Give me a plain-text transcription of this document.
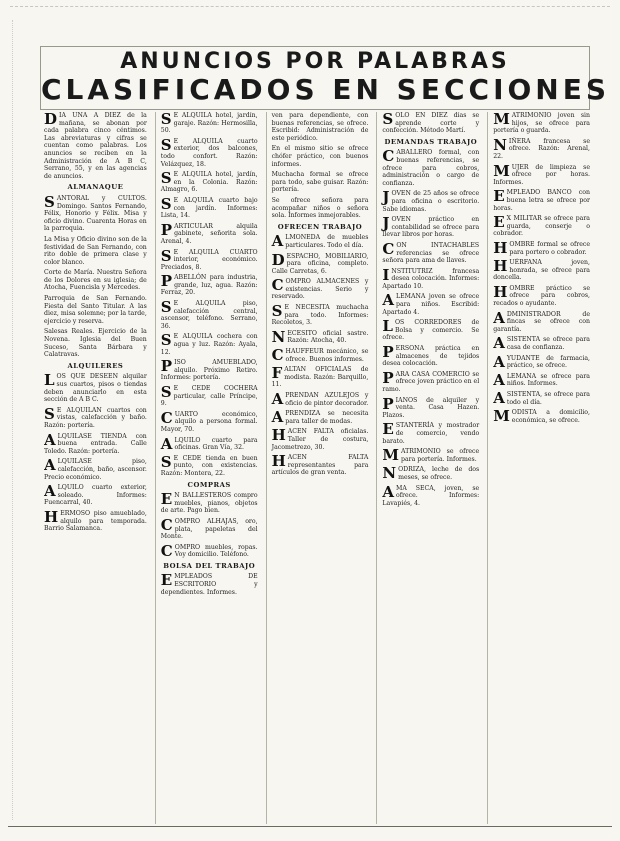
ANUNCIOS POR PALABRAS
CLASIFICADOS EN SECCIONES
DÍA UNA A DIEZ de la mañana, se abonan por cada palabra cinco céntimos. Las abreviaturas y cifras se cuentan como palabras. Los anuncios se reciben en la Administración de A B C, Serrano, 55, y en las agencias de anuncios.
ALMANAQUE
SANTORAL y CULTOS. Domingo. Santos Fernando, Félix, Honorio y Félix. Misa y oficio divino. Cuarenta Horas en la parroquia.
La Misa y Oficio divino son de la festividad de San Fernando, con rito doble de primera clase y color blanco.
Corte de María. Nuestra Señora de los Dolores en su iglesia; de Atocha, Fuencisla y Mercedes.
Parroquia de San Fernando. Fiesta del Santo Titular. A las diez, misa solemne; por la tarde, ejercicio y reserva.
Salesas Reales. Ejercicio de la Novena. Iglesia del Buen Suceso, Santa Bárbara y Calatravas.
ALQUILERES
LOS QUE DESEEN alquilar sus cuartos, pisos o tiendas deben anunciarlo en esta sección de A B C.
S E ALQUILAN cuartos con vistas, calefacción y baño. Razón: portería.
ALQUILASE TIENDA con buena entrada. Calle Toledo. Razón: portería.
ALQUILASE piso, calefacción, baño, ascensor. Precio económico.
ALQUILO cuarto exterior, soleado. Informes: Fuencarral, 40.
HERMOSO piso amueblado, alquilo para temporada. Barrio Salamanca.
S E ALQUILA hotel, jardín, garaje. Razón: Hermosilla, 50.
S E ALQUILA cuarto exterior, dos balcones, todo confort. Razón: Velázquez, 18.
S E ALQUILA hotel, jardín, en la Colonia. Razón: Almagro, 6.
S E ALQUILA cuarto bajo con jardín. Informes: Lista, 14.
PARTICULAR alquila gabinete, señorita sola. Arenal, 4.
S E ALQUILA CUARTO interior, económico. Preciados, 8.
PABELLÓN para industria, grande, luz, agua. Razón: Ferraz, 20.
S E ALQUILA piso, calefacción central, ascensor, teléfono. Serrano, 36.
S E ALQUILA cochera con agua y luz. Razón: Ayala, 12.
PISO AMUEBLADO, alquilo. Próximo Retiro. Informes: portería.
S E CEDE COCHERA particular, calle Príncipe, 9.
CUARTO económico, alquilo a persona formal. Mayor, 70.
ALQUILO cuarto para oficinas. Gran Vía, 32.
S E CEDE tienda en buen punto, con existencias. Razón: Montera, 22.
COMPRAS
E N BALLESTEROS compro muebles, pianos, objetos de arte. Pago bien.
COMPRO ALHAJAS, oro, plata, papeletas del Monte.
COMPRO muebles, ropas. Voy domicilio. Teléfono.
BOLSA DEL TRABAJO
EMPLEADOS DE ESCRITORIO y dependientes. Informes.
ven para dependiente, con buenas referencias, se ofrece. Escribid: Administración de este periódico.
En el mismo sitio se ofrece chófer práctico, con buenos informes.
Muchacha formal se ofrece para todo, sabe guisar. Razón: portería.
Se ofrece señora para acompañar niños o señora sola. Informes inmejorables.
OFRECEN TRABAJO
ALMONEDA de muebles particulares. Todo el día.
DESPACHO, MOBILIARIO, para oficina, completo. Calle Carretas, 6.
COMPRO ALMACENES y existencias. Serio y reservado.
S E NECESITA muchacha para todo. Informes: Recoletos, 3.
NECESITO oficial sastre. Razón: Atocha, 40.
CHAUFFEUR mecánico, se ofrece. Buenos informes.
FALTAN OFICIALAS de modista. Razón: Barquillo, 11.
APRENDAN AZULEJOS y oficio de pintor decorador.
APRENDIZA se necesita para taller de modas.
HACEN FALTA oficialas. Taller de costura, Jacometrezo, 30.
HACEN FALTA representantes para artículos de gran venta.
SÓLO EN DIEZ días se aprende corte y confección. Método Martí.
DEMANDAS TRABAJO
CABALLERO formal, con buenas referencias, se ofrece para cobros, administración o cargo de confianza.
JOVEN de 25 años se ofrece para oficina o escritorio. Sabe idiomas.
JOVEN práctico en contabilidad se ofrece para llevar libros por horas.
CON INTACHABLES referencias se ofrece señora para ama de llaves.
INSTITUTRIZ francesa desea colocación. Informes: Apartado 10.
ALEMANA joven se ofrece para niños. Escribid: Apartado 4.
LOS CORREDORES de Bolsa y comercio. Se ofrece.
PERSONA práctica en almacenes de tejidos desea colocación.
PARA CASA COMERCIO se ofrece joven práctico en el ramo.
PIANOS de alquiler y venta. Casa Hazen. Plazos.
ESTANTERÍA y mostrador de comercio, vendo barato.
MATRIMONIO se ofrece para portería. Informes.
NODRIZA, leche de dos meses, se ofrece.
AMA SECA, joven, se ofrece. Informes: Lavapiés, 4.
MATRIMONIO joven sin hijos, se ofrece para portería o guarda.
NIÑERA francesa se ofrece. Razón: Arenal, 22.
MUJER de limpieza se ofrece por horas. Informes.
EMPLEADO BANCO con buena letra se ofrece por horas.
E X MILITAR se ofrece para guarda, conserje o cobrador.
HOMBRE formal se ofrece para portero o cobrador.
HUÉRFANA joven, honrada, se ofrece para doncella.
HOMBRE práctico se ofrece para cobros, recados o ayudante.
ADMINISTRADOR de fincas se ofrece con garantía.
ASISTENTA se ofrece para casa de confianza.
AYUDANTE de farmacia, práctico, se ofrece.
ALEMANA se ofrece para niños. Informes.
ASISTENTA, se ofrece para todo el día.
MODISTA a domicilio, económica, se ofrece.
